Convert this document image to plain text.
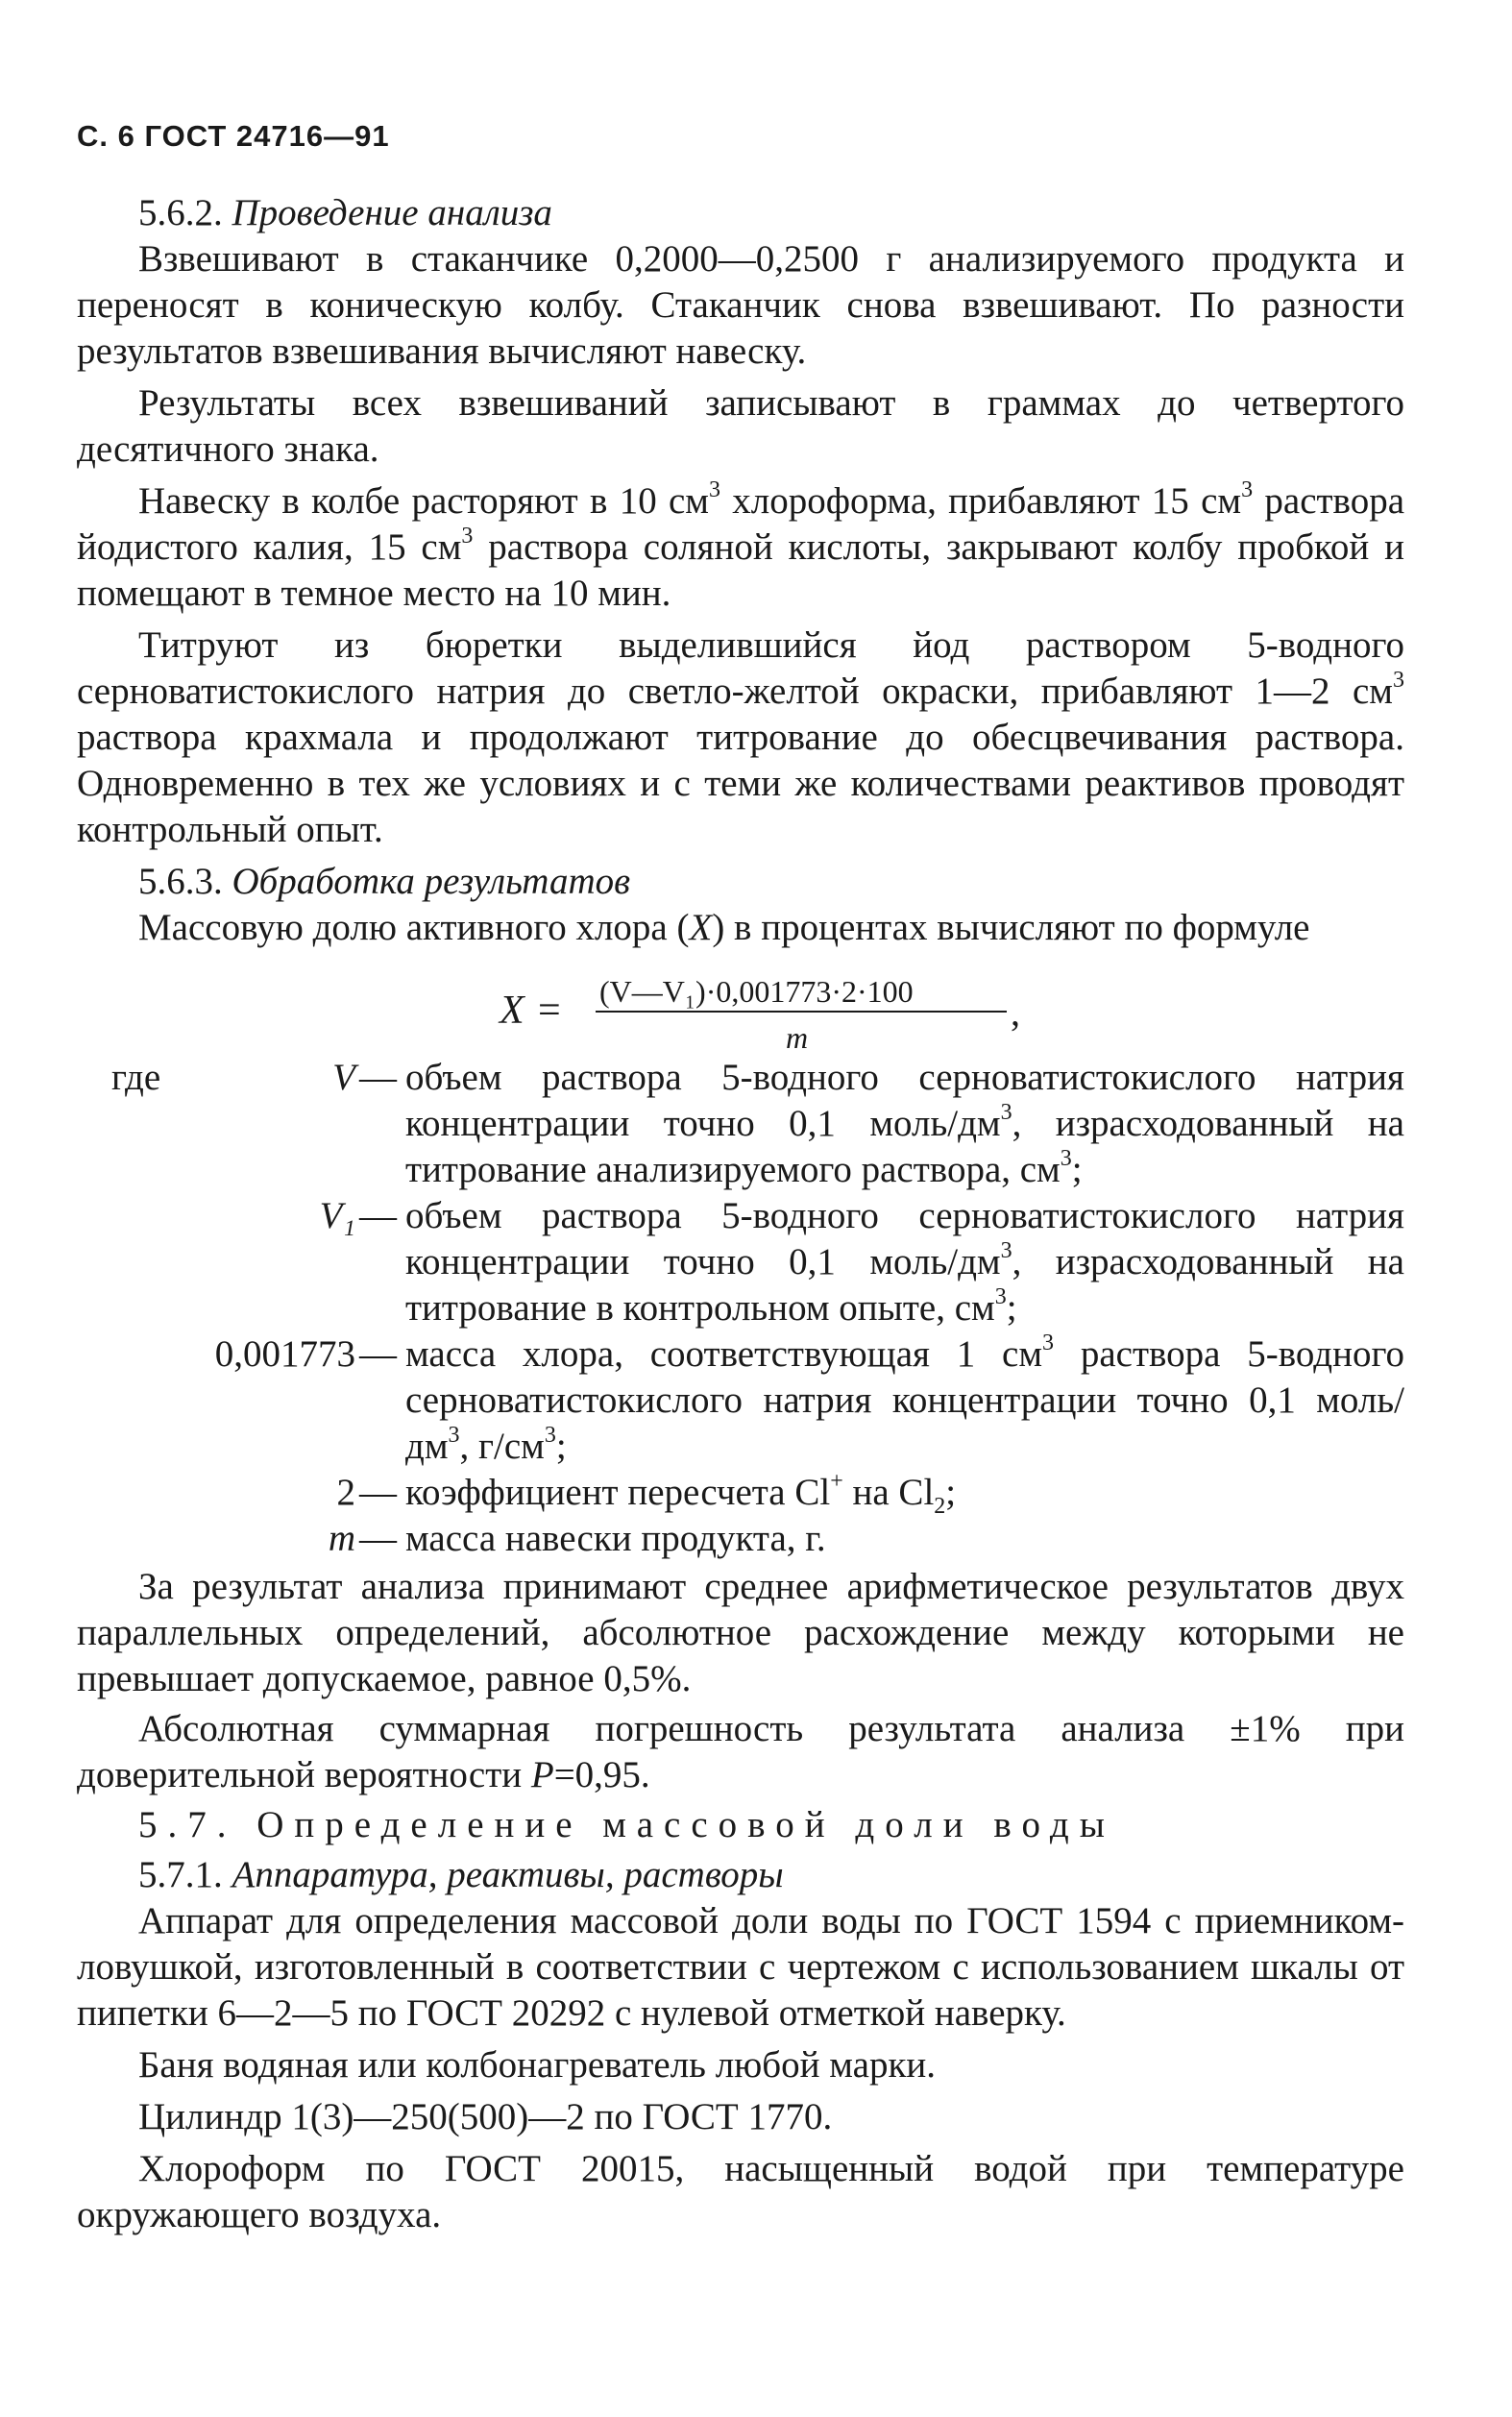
С. 6 ГОСТ 24716—91

5.6.2. Проведение анализа

Взвешивают в стаканчике 0,2000—0,2500 г анализируемого продукта и переносят в коническую колбу. Стаканчик снова взвешивают. По разности результатов взвешивания вычисляют навеску.

Результаты всех взвешиваний записывают в граммах до четвертого десятичного знака.

Навеску в колбе расторяют в 10 $см^3$ хлороформа, прибавляют 15 $см^3$ раствора йодистого калия, 15 $см^3$ раствора соляной кислоты, закрывают колбу пробкой и помещают в темное место на 10 мин.

Титруют из бюретки выделившийся йод раствором 5-водного серноватистокислого натрия до светло-желтой окраски, прибавляют 1—2 $см^3$ раствора крахмала и продолжают титрование до обесцвечивания раствора. Одновременно в тех же условиях и с теми же количествами реактивов проводят контрольный опыт.

5.6.3. Обработка результатов

Массовую долю активного хлора (X) в процентах вычисляют по формуле

X = (V—V₁)·0,001773·2·100
m
,
где	V — объем раствора 5-водного серноватистокислого натрия концентрации точно 0,1 моль/$дм^3$, израсходованный на титрование анализируемого раствора, $см^3$;
V₁ — объем раствора 5-водного серноватистокислого натрия концентрации точно 0,1 моль/$дм^3$, израсходованный на титрование в контрольном опыте, $см^3$;
0,001773 — масса хлора, соответствующая 1 $см^3$ раствора 5-водного серноватистокислого натрия концентрации точно 0,1 моль/$дм^3$, $г/см^3$;
2 — коэффициент пересчета Cl+ на $Cl_2$;
m — масса навески продукта, г.

За результат анализа принимают среднее арифметическое результатов двух параллельных определений, абсолютное расхождение между которыми не превышает допускаемое, равное 0,5%.

Абсолютная суммарная погрешность результата анализа ±1% при доверительной вероятности P=0,95.

5.7. Определение массовой доли воды

5.7.1. Аппаратура, реактивы, растворы

Аппарат для определения массовой доли воды по ГОСТ 1594 с приемником-ловушкой, изготовленный в соответствии с чертежом с использованием шкалы от пипетки 6—2—5 по ГОСТ 20292 с нулевой отметкой наверку.

Баня водяная или колбонагреватель любой марки.

Цилиндр 1(3)—250(500)—2 по ГОСТ 1770.

Хлороформ по ГОСТ 20015, насыщенный водой при температуре окружающего воздуха.
